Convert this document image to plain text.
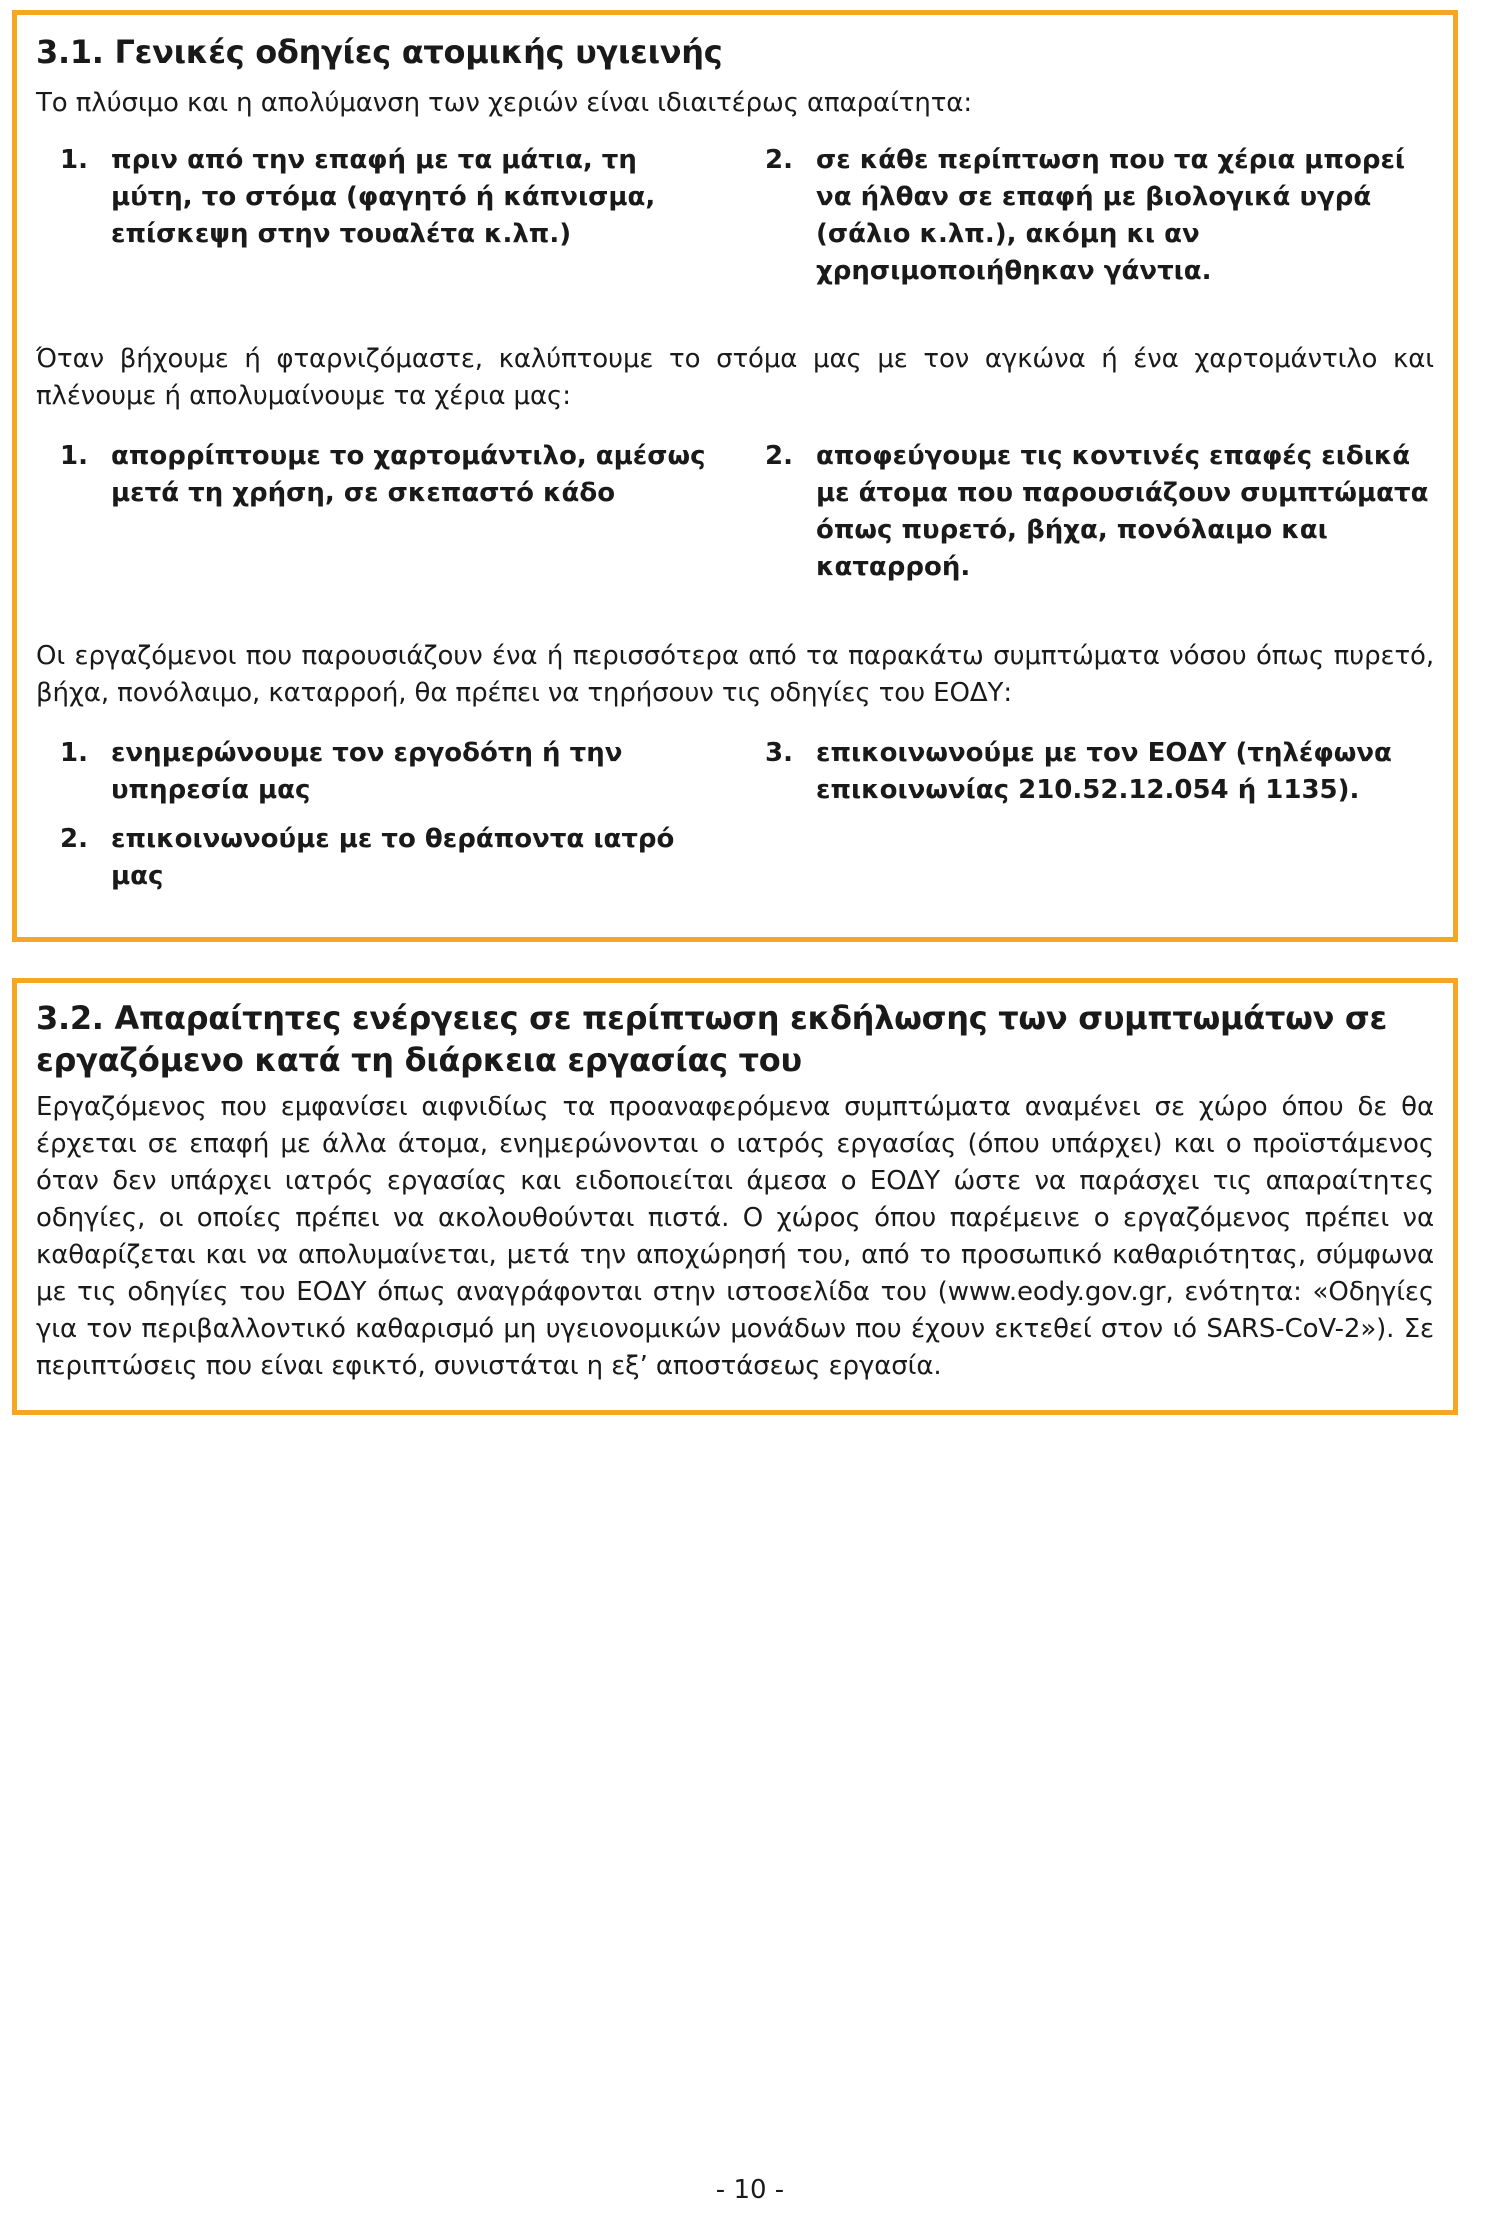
3.1. Γενικές οδηγίες ατομικής υγιεινής

Το πλύσιμο και η απολύμανση των χεριών είναι ιδιαιτέρως απαραίτητα:

1. πριν από την επαφή με τα μάτια, τη μύτη, το στόμα (φαγητό ή κάπνισμα, επίσκεψη στην τουαλέτα κ.λπ.)
2. σε κάθε περίπτωση που τα χέρια μπορεί να ήλθαν σε επαφή με βιολογικά υγρά (σάλιο κ.λπ.), ακόμη κι αν χρησιμοποιήθηκαν γάντια.

Όταν βήχουμε ή φταρνιζόμαστε, καλύπτουμε το στόμα μας με τον αγκώνα ή ένα χαρτομάντιλο και πλένουμε ή απολυμαίνουμε τα χέρια μας:

1. απορρίπτουμε το χαρτομάντιλο, αμέσως μετά τη χρήση, σε σκεπαστό κάδο
2. αποφεύγουμε τις κοντινές επαφές ειδικά με άτομα που παρουσιάζουν συμπτώματα όπως πυρετό, βήχα, πονόλαιμο και καταρροή.

Οι εργαζόμενοι που παρουσιάζουν ένα ή περισσότερα από τα παρακάτω συμπτώματα νόσου όπως πυρετό, βήχα, πονόλαιμο, καταρροή, θα πρέπει να τηρήσουν τις οδηγίες του ΕΟΔΥ:

1. ενημερώνουμε τον εργοδότη ή την υπηρεσία μας
2. επικοινωνούμε με το θεράποντα ιατρό μας
3. επικοινωνούμε με τον ΕΟΔΥ (τηλέφωνα επικοινωνίας 210.52.12.054 ή 1135).
3.2. Απαραίτητες ενέργειες σε περίπτωση εκδήλωσης των συμπτωμάτων σε εργαζόμενο κατά τη διάρκεια εργασίας του

Εργαζόμενος που εμφανίσει αιφνιδίως τα προαναφερόμενα συμπτώματα αναμένει σε χώρο όπου δε θα έρχεται σε επαφή με άλλα άτομα, ενημερώνονται ο ιατρός εργασίας (όπου υπάρχει) και ο προϊστάμενος όταν δεν υπάρχει ιατρός εργασίας και ειδοποιείται άμεσα ο ΕΟΔΥ ώστε να παράσχει τις απαραίτητες οδηγίες, οι οποίες πρέπει να ακολουθούνται πιστά. Ο χώρος όπου παρέμεινε ο εργαζόμενος πρέπει να καθαρίζεται και να απολυμαίνεται, μετά την αποχώρησή του, από το προσωπικό καθαριότητας, σύμφωνα με τις οδηγίες του ΕΟΔΥ όπως αναγράφονται στην ιστοσελίδα του (www.eody.gov.gr, ενότητα: «Οδηγίες για τον περιβαλλοντικό καθαρισμό μη υγειονομικών μονάδων που έχουν εκτεθεί στον ιό SARS-CoV-2»). Σε περιπτώσεις που είναι εφικτό, συνιστάται η εξ’ αποστάσεως εργασία.

- 10 -
